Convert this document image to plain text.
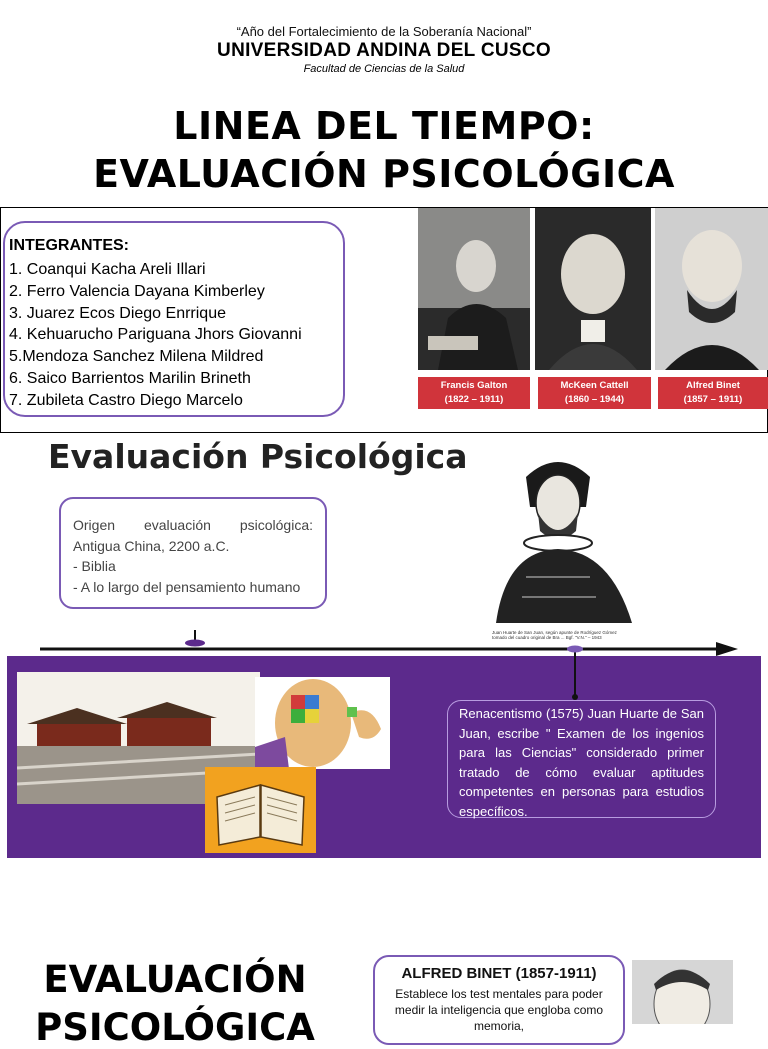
“Año del Fortalecimiento de la Soberanía Nacional”
UNIVERSIDAD ANDINA DEL CUSCO
Facultad de Ciencias de la Salud
LINEA DEL TIEMPO:
EVALUACIÓN PSICOLÓGICA
INTEGRANTES:
1. Coanqui Kacha Areli Illari
2. Ferro Valencia Dayana Kimberley
3. Juarez Ecos Diego Enrrique
4. Kehuarucho Pariguana Jhors Giovanni
5.Mendoza Sanchez Milena Mildred
6. Saico Barrientos Marilin Brineth
7. Zubileta Castro Diego Marcelo
Francis Galton
(1822 – 1911)
McKeen Cattell
(1860 – 1944)
Alfred Binet
(1857 – 1911)
Evaluación Psicológica

Origen evaluación psicológica:

Antigua China, 2200 a.C.

- Biblia

- A lo largo del pensamiento humano

Juan Huarte de San Juan, según apunte de Rodríguez Gómez tomado del cuadro original de Bra ... Bgf. "V.N." – 1943
Renacentismo (1575) Juan Huarte de San Juan, escribe " Examen de los ingenios para las Ciencias" considerado primer tratado de cómo evaluar aptitudes competentes en personas para estudios específicos.
EVALUACIÓN
PSICOLÓGICA
ALFRED BINET (1857-1911)
Establece los test mentales para poder medir la inteligencia que engloba como memoria,
